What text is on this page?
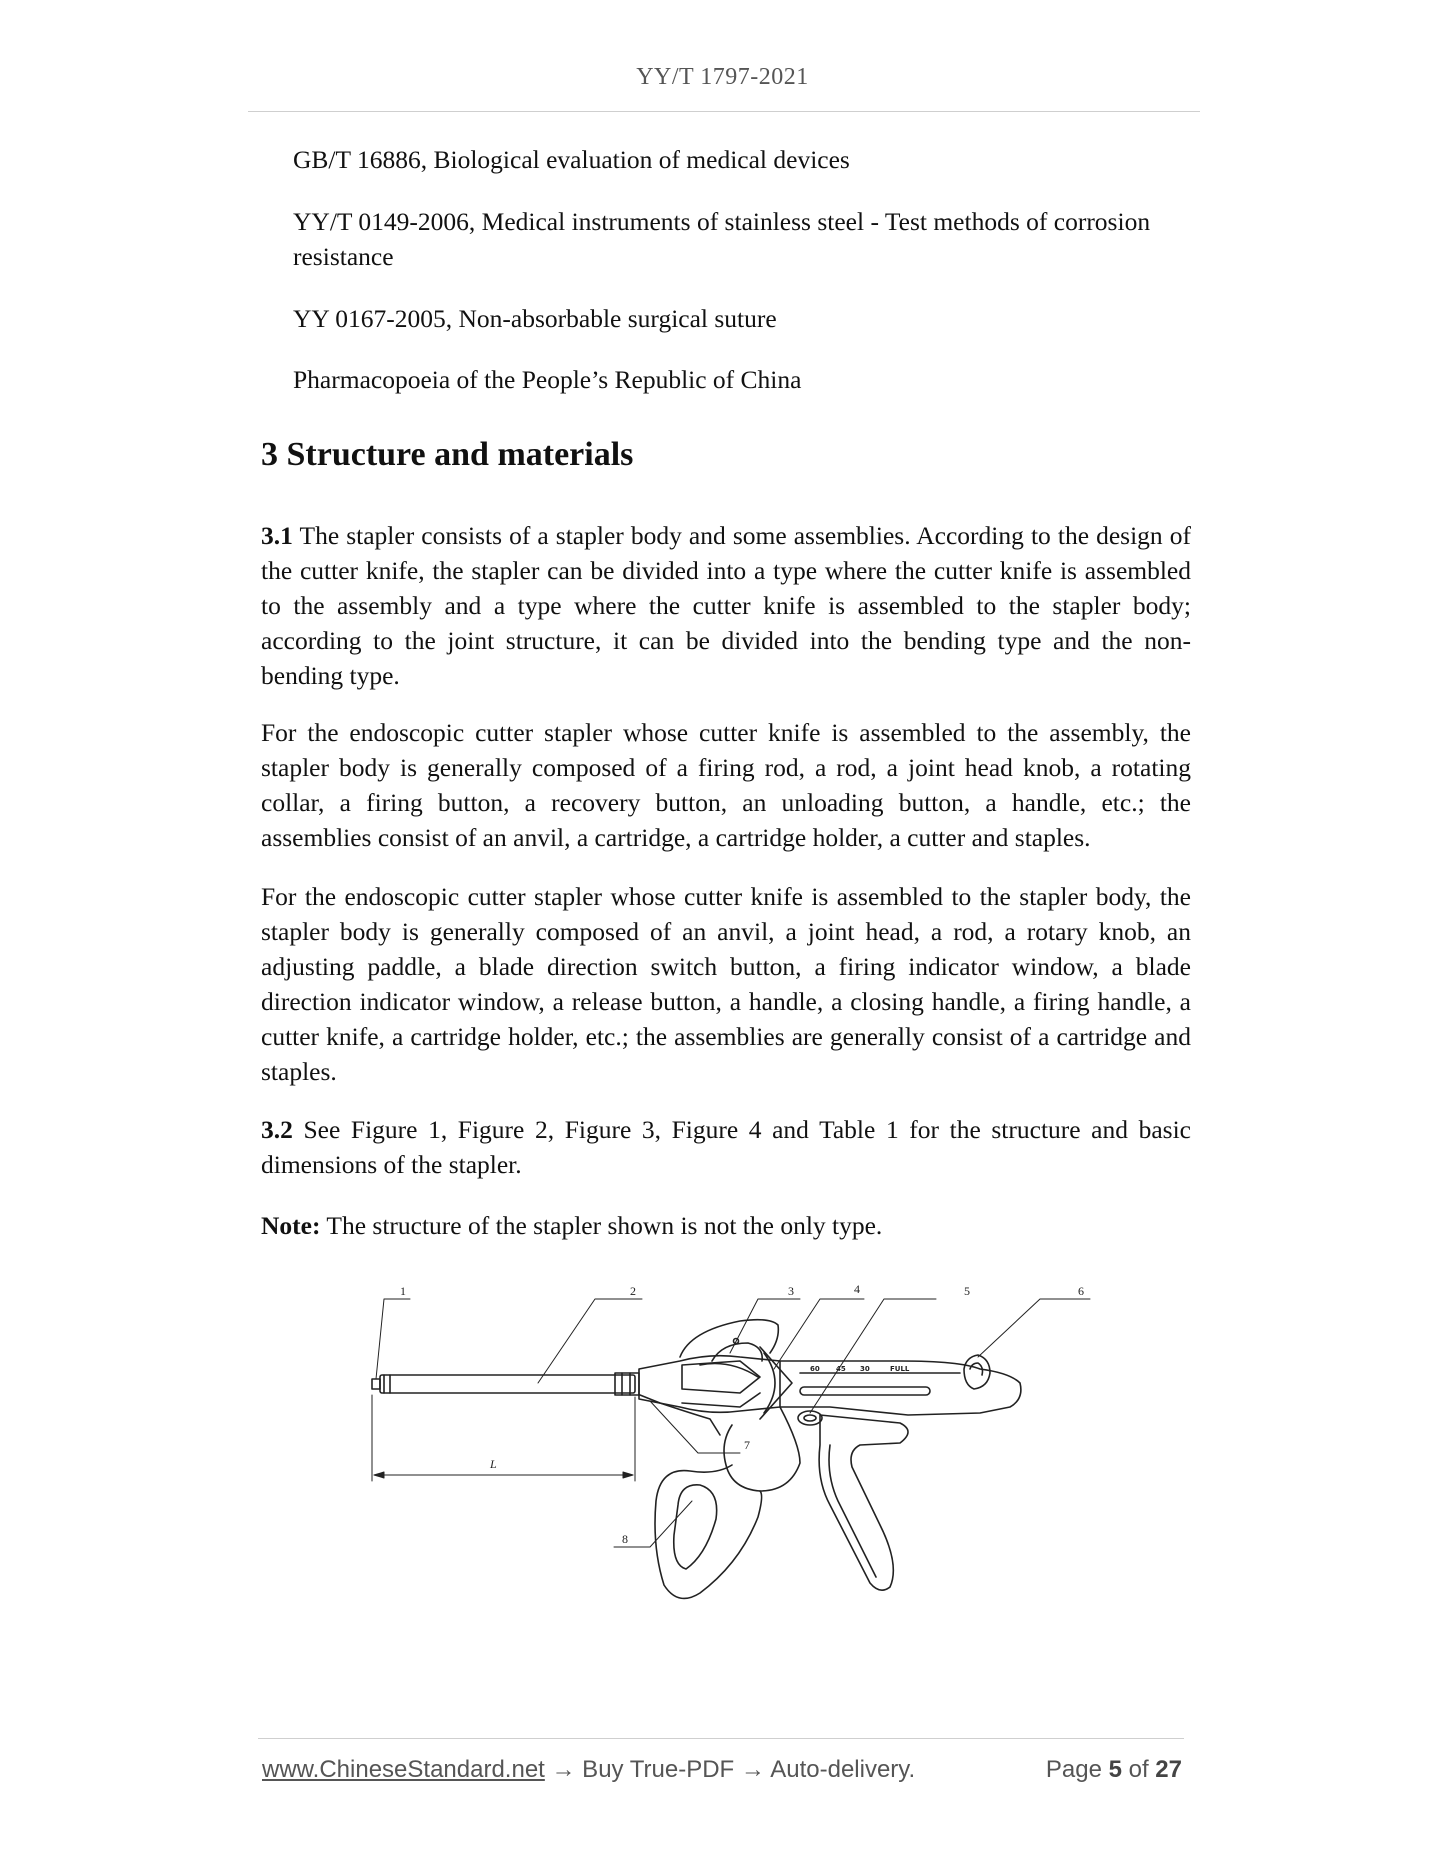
YY/T 1797-2021
GB/T 16886, Biological evaluation of medical devices
YY/T 0149-2006, Medical instruments of stainless steel - Test methods of corrosion resistance
YY 0167-2005, Non-absorbable surgical suture
Pharmacopoeia of the People’s Republic of China
3 Structure and materials

3.1 The stapler consists of a stapler body and some assemblies. According to the design of the cutter knife, the stapler can be divided into a type where the cutter knife is assembled to the assembly and a type where the cutter knife is assembled to the stapler body; according to the joint structure, it can be divided into the bending type and the non-bending type.

For the endoscopic cutter stapler whose cutter knife is assembled to the assembly, the stapler body is generally composed of a firing rod, a rod, a joint head knob, a rotating collar, a firing button, a recovery button, an unloading button, a handle, etc.; the assemblies consist of an anvil, a cartridge, a cartridge holder, a cutter and staples.

For the endoscopic cutter stapler whose cutter knife is assembled to the stapler body, the stapler body is generally composed of an anvil, a joint head, a rod, a rotary knob, an adjusting paddle, a blade direction switch button, a firing indicator window, a blade direction indicator window, a release button, a handle, a closing handle, a firing handle, a cutter knife, a cartridge holder, etc.; the assemblies are generally consist of a cartridge and staples.

3.2 See Figure 1, Figure 2, Figure 3, Figure 4 and Table 1 for the structure and basic dimensions of the stapler.

Note: The structure of the stapler shown is not the only type.

60 45 30	FULL
L
1	2	3	4	5	6
7
8
www.ChineseStandard.net → Buy True-PDF → Auto-delivery.	Page 5 of 27
